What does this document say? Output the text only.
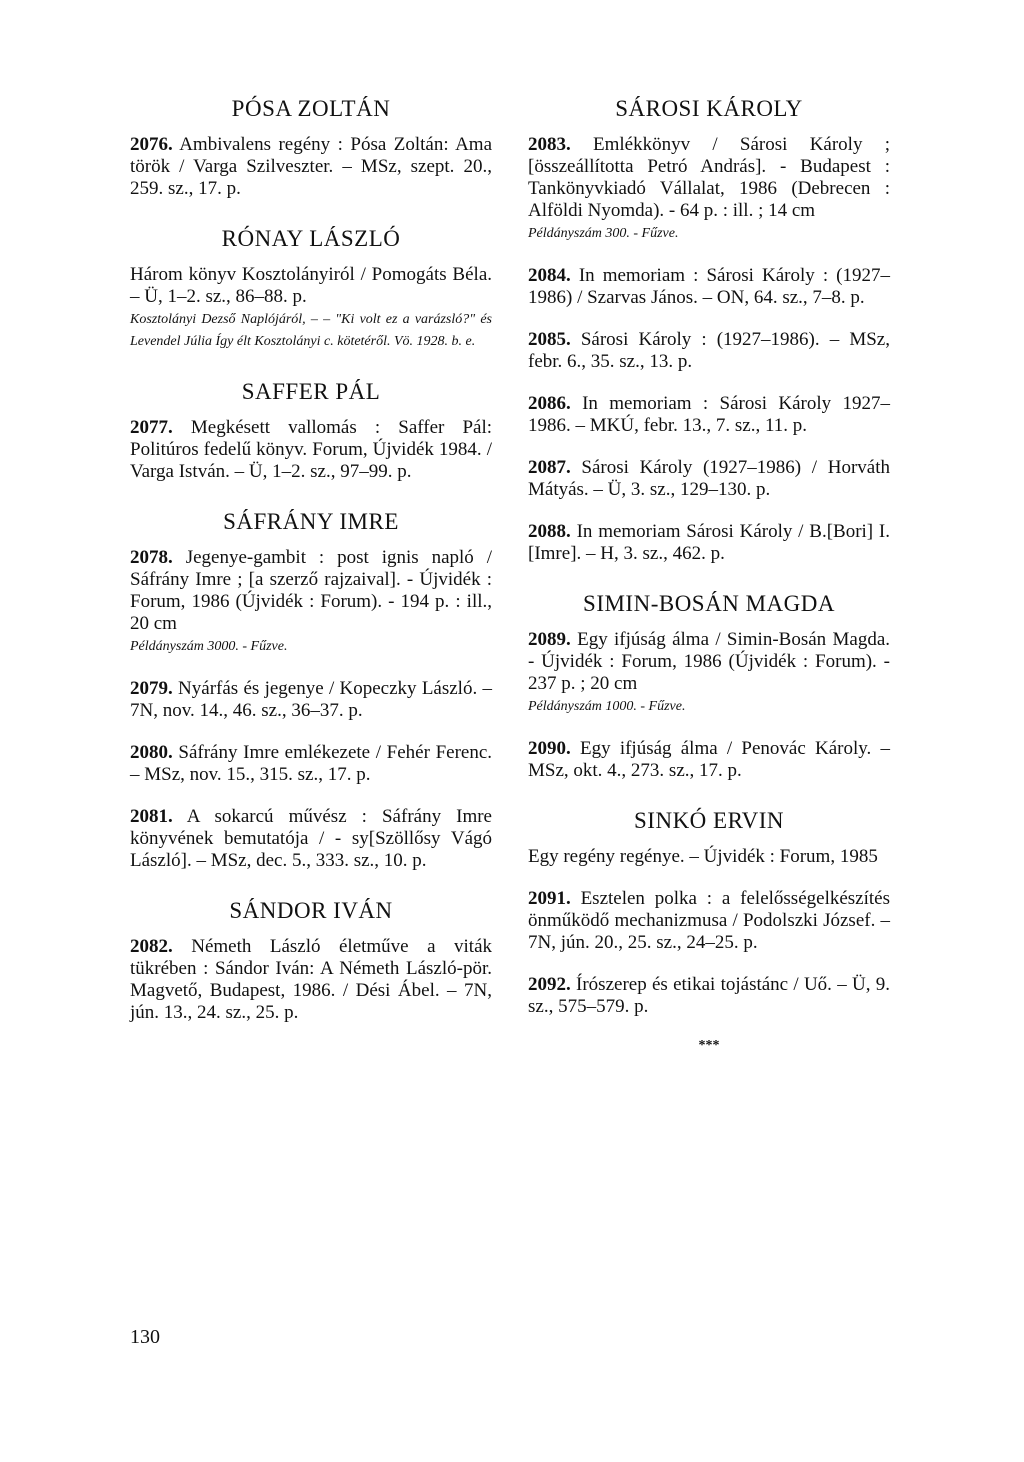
PÓSA ZOLTÁN
2076. Ambivalens regény : Pósa Zoltán: Ama török / Varga Szilveszter. – MSz, szept. 20., 259. sz., 17. p.
RÓNAY LÁSZLÓ
Három könyv Kosztolányiról / Pomogáts Béla. – Ü, 1–2. sz., 86–88. p.
Kosztolányi Dezső Naplójáról, – – "Ki volt ez a varázsló?" és Levendel Júlia Így élt Kosztolányi c. kötetéről. Vö. 1928. b. e.
SAFFER PÁL
2077. Megkésett vallomás : Saffer Pál: Politúros fedelű könyv. Forum, Újvidék 1984. / Varga István. – Ü, 1–2. sz., 97–99. p.
SÁFRÁNY IMRE
2078. Jegenye-gambit : post ignis napló / Sáfrány Imre ; [a szerző rajzaival]. - Újvidék : Forum, 1986 (Újvidék : Forum). - 194 p. : ill., 20 cm
Példányszám 3000. - Fűzve.
2079. Nyárfás és jegenye / Kopeczky László. – 7N, nov. 14., 46. sz., 36–37. p.
2080. Sáfrány Imre emlékezete / Fehér Ferenc. – MSz, nov. 15., 315. sz., 17. p.
2081. A sokarcú művész : Sáfrány Imre könyvének bemutatója / - sy[Szöllősy Vágó László]. – MSz, dec. 5., 333. sz., 10. p.
SÁNDOR IVÁN
2082. Németh László életműve a viták tükrében : Sándor Iván: A Németh László-pör. Magvető, Budapest, 1986. / Dési Ábel. – 7N, jún. 13., 24. sz., 25. p.
SÁROSI KÁROLY
2083. Emlékkönyv / Sárosi Károly ; [összeállította Petró András]. - Budapest : Tankönyvkiadó Vállalat, 1986 (Debrecen : Alföldi Nyomda). - 64 p. : ill. ; 14 cm
Példányszám 300. - Fűzve.
2084. In memoriam : Sárosi Károly : (1927–1986) / Szarvas János. – ON, 64. sz., 7–8. p.
2085. Sárosi Károly : (1927–1986). – MSz, febr. 6., 35. sz., 13. p.
2086. In memoriam : Sárosi Károly 1927–1986. – MKÚ, febr. 13., 7. sz., 11. p.
2087. Sárosi Károly (1927–1986) / Horváth Mátyás. – Ü, 3. sz., 129–130. p.
2088. In memoriam Sárosi Károly / B.[Bori] I.[Imre]. – H, 3. sz., 462. p.
SIMIN-BOSÁN MAGDA
2089. Egy ifjúság álma / Simin-Bosán Magda. - Újvidék : Forum, 1986 (Újvidék : Forum). - 237 p. ; 20 cm
Példányszám 1000. - Fűzve.
2090. Egy ifjúság álma / Penovác Károly. – MSz, okt. 4., 273. sz., 17. p.
SINKÓ ERVIN
Egy regény regénye. – Újvidék : Forum, 1985
2091. Esztelen polka : a felelősségelkészítés önműködő mechanizmusa / Podolszki József. – 7N, jún. 20., 25. sz., 24–25. p.
2092. Írószerep és etikai tojástánc / Uő. – Ü, 9. sz., 575–579. p.
***
130
